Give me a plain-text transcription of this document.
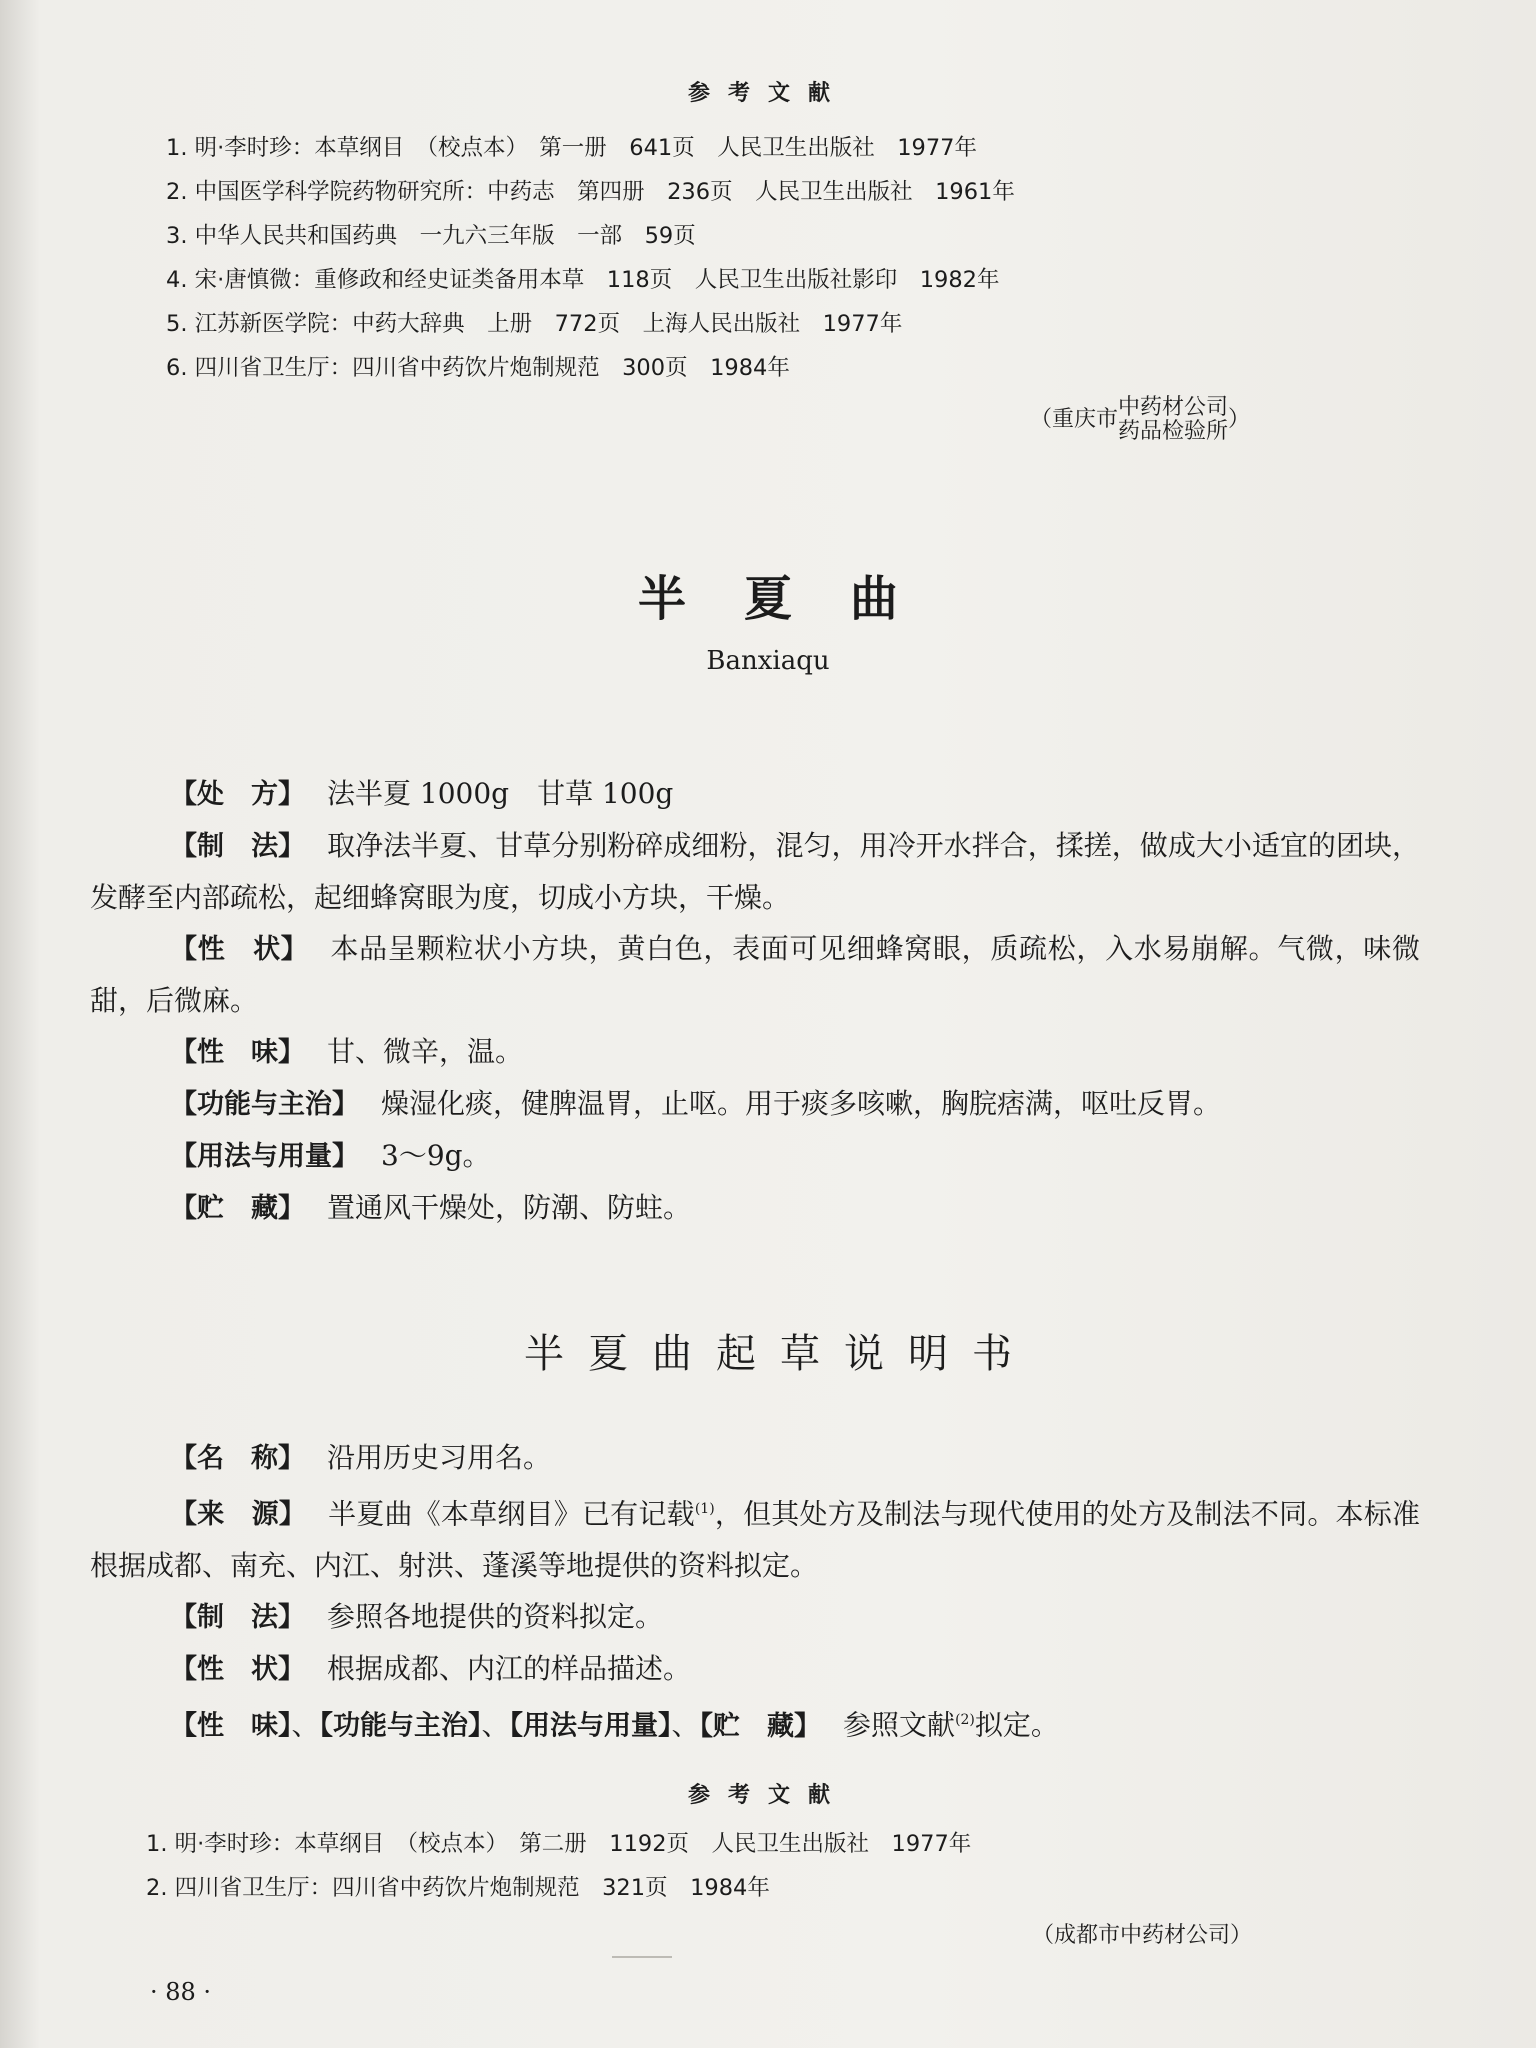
参考文献
1. 明·李时珍：本草纲目　（校点本）　第一册　641页　人民卫生出版社　1977年
2. 中国医学科学院药物研究所：中药志　第四册　236页　人民卫生出版社　1961年
3. 中华人民共和国药典　一九六三年版　一部　59页
4. 宋·唐慎微：重修政和经史证类备用本草　118页　人民卫生出版社影印　1982年
5. 江苏新医学院：中药大辞典　上册　772页　上海人民出版社　1977年
6. 四川省卫生厅：四川省中药饮片炮制规范　300页　1984年
（重庆市 中药材公司
药品检验所 ）
半夏曲
Banxiaqu

【处　方】 法半夏 1000g　甘草 100g

【制　法】 取净法半夏、甘草分别粉碎成细粉，混匀，用冷开水拌合，揉搓，做成大小适宜的团块，发酵至内部疏松，起细蜂窝眼为度，切成小方块，干燥。

【性　状】 本品呈颗粒状小方块，黄白色，表面可见细蜂窝眼，质疏松，入水易崩解。气微，味微甜，后微麻。

【性　味】 甘、微辛，温。

【功能与主治】 燥湿化痰，健脾温胃，止呕。用于痰多咳嗽，胸脘痞满，呕吐反胃。

【用法与用量】 3～9g。

【贮　藏】 置通风干燥处，防潮、防蛀。

半夏曲起草说明书

【名　称】 沿用历史习用名。

【来　源】 半夏曲《本草纲目》已有记载$^{(1)}$，但其处方及制法与现代使用的处方及制法不同。本标准根据成都、南充、内江、射洪、蓬溪等地提供的资料拟定。

【制　法】 参照各地提供的资料拟定。

【性　状】 根据成都、内江的样品描述。

【性　味】、【功能与主治】、【用法与用量】、【贮　藏】 参照文献$^{(2)}$拟定。

参考文献
1. 明·李时珍：本草纲目　（校点本）　第二册　1192页　人民卫生出版社　1977年
2. 四川省卫生厅：四川省中药饮片炮制规范　321页　1984年
（成都市中药材公司）
· 88 ·
